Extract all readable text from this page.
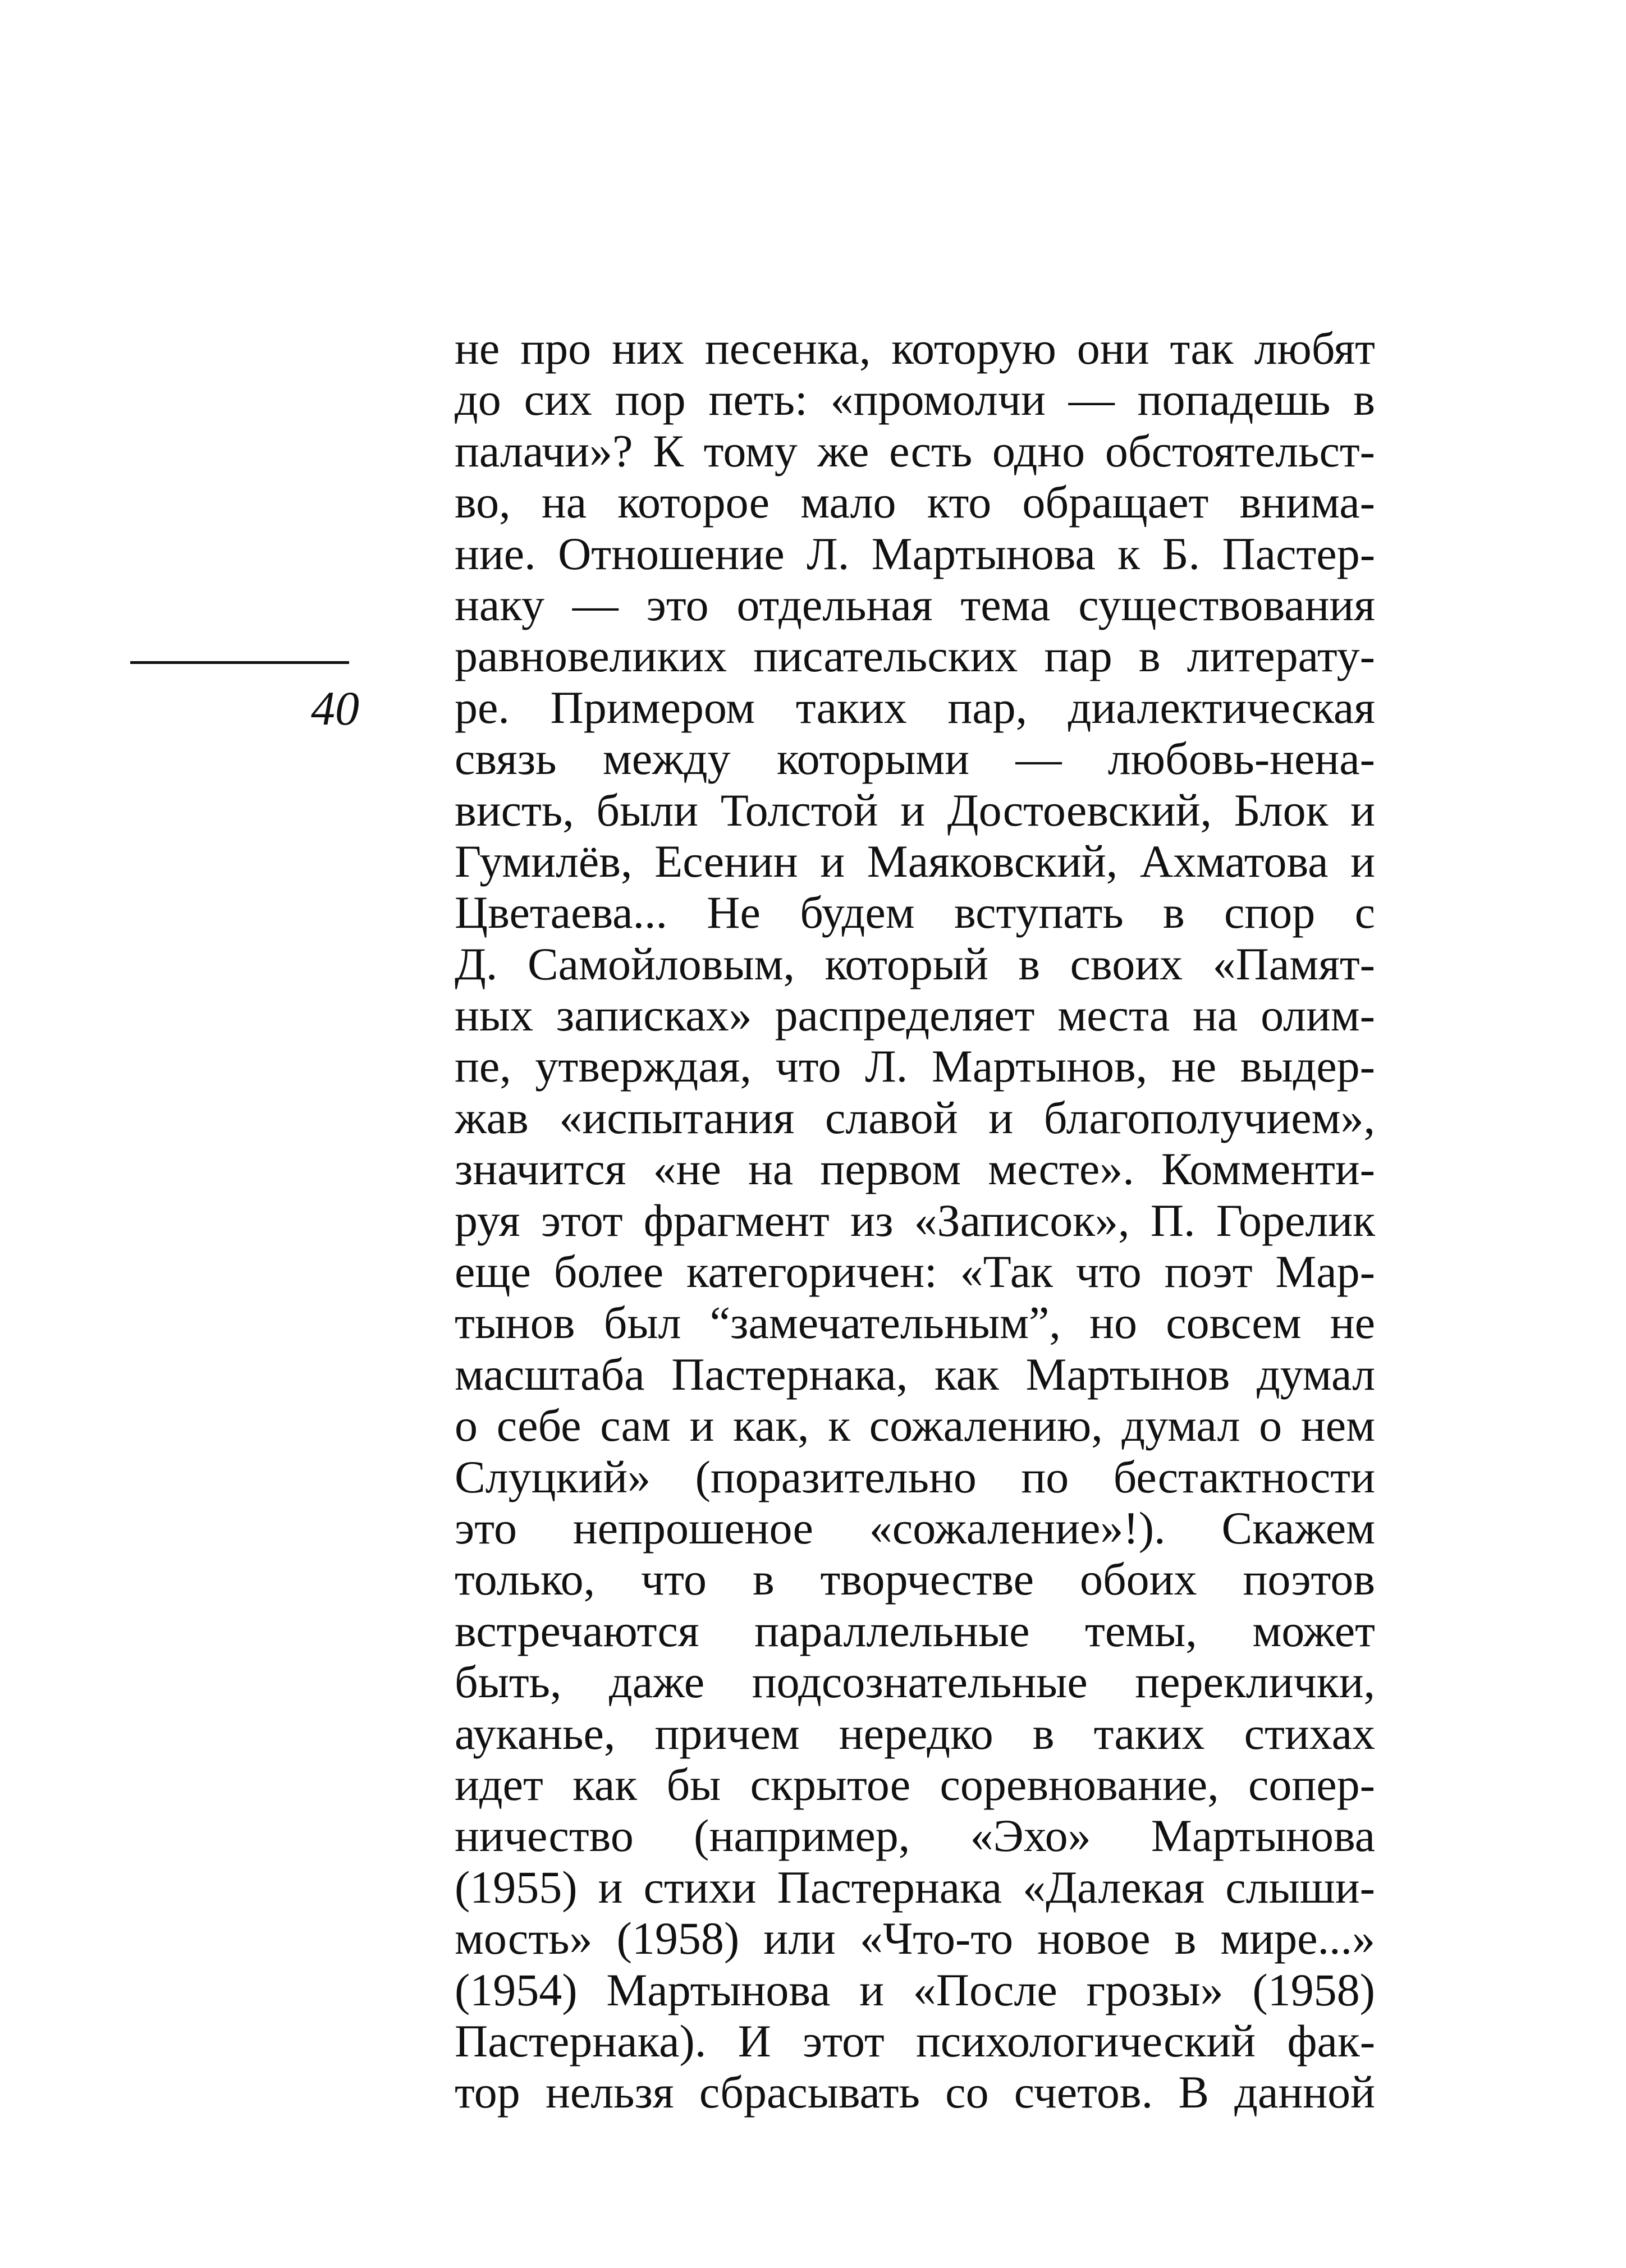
40
не про них песенка, которую они так любят
до сих пор петь: «промолчи — попадешь в
палачи»? К тому же есть одно обстоятельст-
во, на которое мало кто обращает внима-
ние. Отношение Л. Мартынова к Б. Пастер-
наку — это отдельная тема существования
равновеликих писательских пар в литерату-
ре. Примером таких пар, диалектическая
связь между которыми — любовь-нена-
висть, были Толстой и Достоевский, Блок и
Гумилёв, Есенин и Маяковский, Ахматова и
Цветаева... Не будем вступать в спор с
Д. Самойловым, который в своих «Памят-
ных записках» распределяет места на олим-
пе, утверждая, что Л. Мартынов, не выдер-
жав «испытания славой и благополучием»,
значится «не на первом месте». Комменти-
руя этот фрагмент из «Записок», П. Горелик
еще более категоричен: «Так что поэт Мар-
тынов был “замечательным”, но совсем не
масштаба Пастернака, как Мартынов думал
о себе сам и как, к сожалению, думал о нем
Слуцкий» (поразительно по бестактности
это непрошеное «сожаление»!). Скажем
только, что в творчестве обоих поэтов
встречаются параллельные темы, может
быть, даже подсознательные переклички,
ауканье, причем нередко в таких стихах
идет как бы скрытое соревнование, сопер-
ничество (например, «Эхо» Мартынова
(1955) и стихи Пастернака «Далекая слыши-
мость» (1958) или «Что-то новое в мире...»
(1954) Мартынова и «После грозы» (1958)
Пастернака). И этот психологический фак-
тор нельзя сбрасывать со счетов. В данной
